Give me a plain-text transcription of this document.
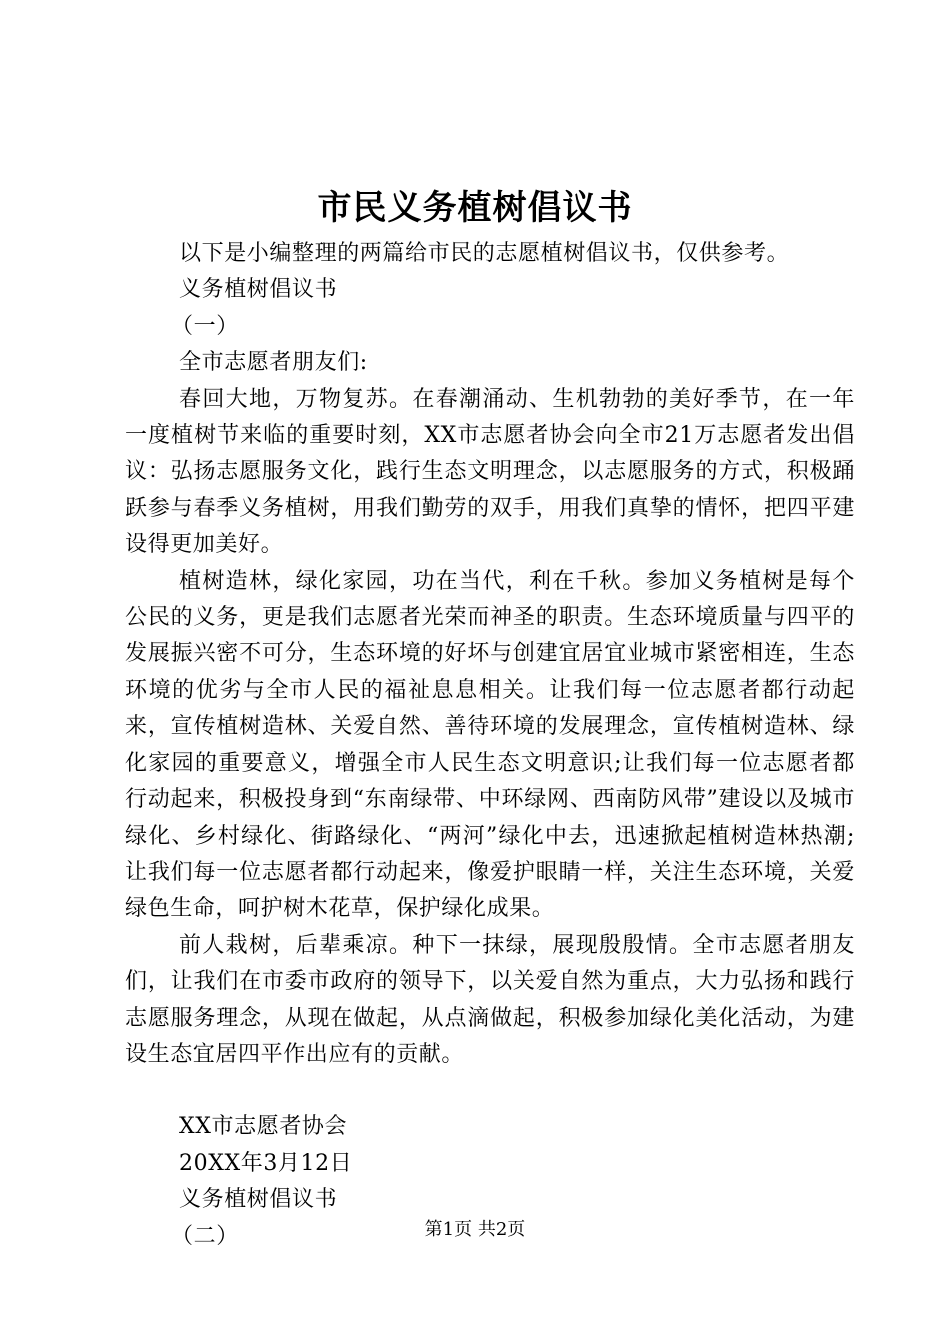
市民义务植树倡议书

以下是小编整理的两篇给市民的志愿植树倡议书，仅供参考。

义务植树倡议书

（一）

全市志愿者朋友们:

春回大地，万物复苏。在春潮涌动、生机勃勃的美好季节，在一年一度植树节来临的重要时刻，XX市志愿者协会向全市21万志愿者发出倡议：弘扬志愿服务文化，践行生态文明理念，以志愿服务的方式，积极踊跃参与春季义务植树，用我们勤劳的双手，用我们真挚的情怀，把四平建设得更加美好。

植树造林，绿化家园，功在当代，利在千秋。参加义务植树是每个公民的义务，更是我们志愿者光荣而神圣的职责。生态环境质量与四平的发展振兴密不可分，生态环境的好坏与创建宜居宜业城市紧密相连，生态环境的优劣与全市人民的福祉息息相关。让我们每一位志愿者都行动起来，宣传植树造林、关爱自然、善待环境的发展理念，宣传植树造林、绿化家园的重要意义，增强全市人民生态文明意识;让我们每一位志愿者都行动起来，积极投身到“东南绿带、中环绿网、西南防风带”建设以及城市绿化、乡村绿化、街路绿化、“两河”绿化中去，迅速掀起植树造林热潮;让我们每一位志愿者都行动起来，像爱护眼睛一样，关注生态环境，关爱绿色生命，呵护树木花草，保护绿化成果。

前人栽树，后辈乘凉。种下一抹绿，展现殷殷情。全市志愿者朋友们，让我们在市委市政府的领导下，以关爱自然为重点，大力弘扬和践行志愿服务理念，从现在做起，从点滴做起，积极参加绿化美化活动，为建设生态宜居四平作出应有的贡献。

XX市志愿者协会

20XX年3月12日

义务植树倡议书

（二）	第1页 共2页
